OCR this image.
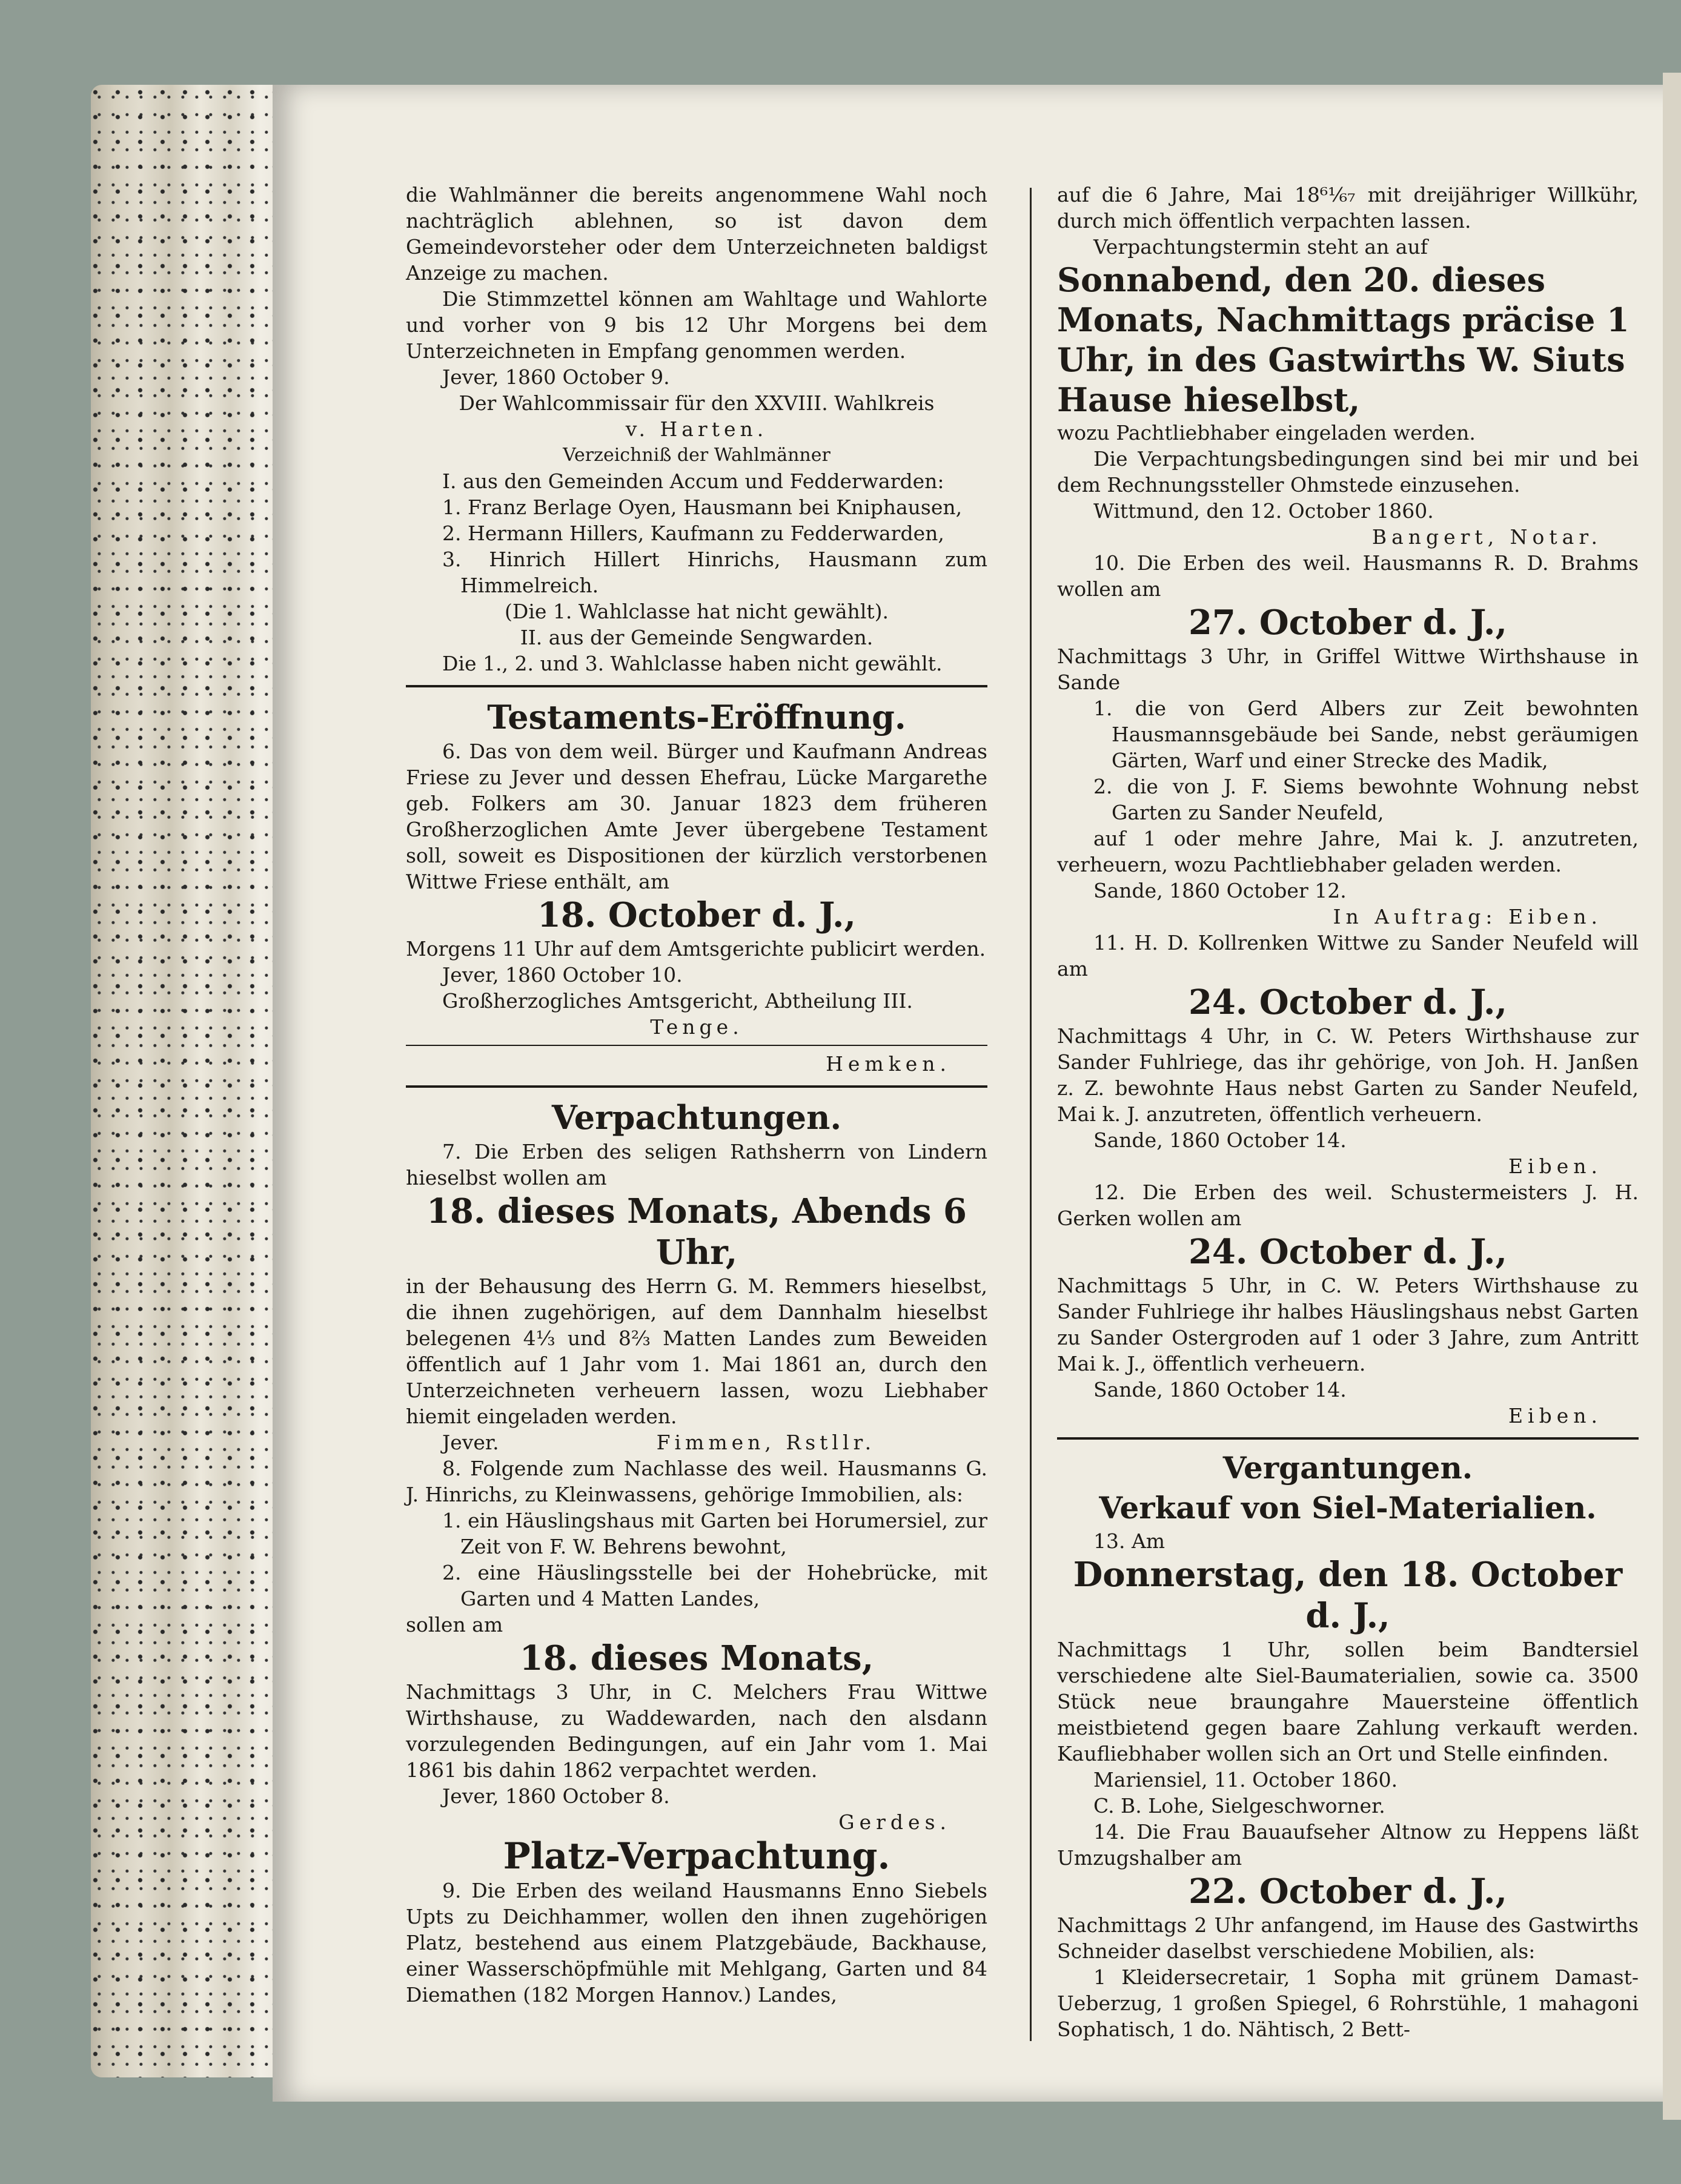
die Wahlmänner die bereits angenommene Wahl noch nachträglich ablehnen, so ist davon dem Gemeindevorsteher oder dem Unterzeichneten baldigst Anzeige zu machen.

Die Stimmzettel können am Wahltage und Wahlorte und vorher von 9 bis 12 Uhr Morgens bei dem Unterzeichneten in Empfang genommen werden.

Jever, 1860 October 9.

Der Wahlcommissair für den XXVIII. Wahlkreis

v. Harten.

Verzeichniß der Wahlmänner

I. aus den Gemeinden Accum und Fedderwarden:

1. Franz Berlage Oyen, Hausmann bei Kniphausen,

2. Hermann Hillers, Kaufmann zu Fedderwarden,

3. Hinrich Hillert Hinrichs, Hausmann zum Himmelreich.

(Die 1. Wahlclasse hat nicht gewählt).

II. aus der Gemeinde Sengwarden.

Die 1., 2. und 3. Wahlclasse haben nicht gewählt.

Testaments-Eröffnung.

6. Das von dem weil. Bürger und Kaufmann Andreas Friese zu Jever und dessen Ehefrau, Lücke Margarethe geb. Folkers am 30. Januar 1823 dem früheren Großherzoglichen Amte Jever übergebene Testament soll, soweit es Dispositionen der kürzlich verstorbenen Wittwe Friese enthält, am

18. October d. J.,

Morgens 11 Uhr auf dem Amtsgerichte publicirt werden.

Jever, 1860 October 10.

Großherzogliches Amtsgericht, Abtheilung III.

Tenge.

Hemken.

Verpachtungen.

7. Die Erben des seligen Rathsherrn von Lindern hieselbst wollen am

18. dieses Monats, Abends 6 Uhr,

in der Behausung des Herrn G. M. Remmers hieselbst, die ihnen zugehörigen, auf dem Dannhalm hieselbst belegenen 4⅓ und 8⅔ Matten Landes zum Beweiden öffentlich auf 1 Jahr vom 1. Mai 1861 an, durch den Unterzeichneten verheuern lassen, wozu Liebhaber hiemit eingeladen werden.

Jever.	Fimmen, Rstllr.

8. Folgende zum Nachlasse des weil. Hausmanns G. J. Hinrichs, zu Kleinwassens, gehörige Immobilien, als:

1. ein Häuslingshaus mit Garten bei Horumersiel, zur Zeit von F. W. Behrens bewohnt,

2. eine Häuslingsstelle bei der Hohebrücke, mit Garten und 4 Matten Landes,

sollen am

18. dieses Monats,

Nachmittags 3 Uhr, in C. Melchers Frau Wittwe Wirthshause, zu Waddewarden, nach den alsdann vorzulegenden Bedingungen, auf ein Jahr vom 1. Mai 1861 bis dahin 1862 verpachtet werden.

Jever, 1860 October 8.

Gerdes.

Platz-Verpachtung.

9. Die Erben des weiland Hausmanns Enno Siebels Upts zu Deichhammer, wollen den ihnen zugehörigen Platz, bestehend aus einem Platzgebäude, Backhause, einer Wasserschöpfmühle mit Mehlgang, Garten und 84 Diemathen (182 Morgen Hannov.) Landes,

auf die 6 Jahre, Mai 18⁶¹⁄₆₇ mit dreijähriger Willkühr, durch mich öffentlich verpachten lassen.

Verpachtungstermin steht an auf

Sonnabend, den 20. dieses Monats, Nachmittags präcise 1 Uhr, in des Gastwirths W. Siuts Hause hieselbst,

wozu Pachtliebhaber eingeladen werden.

Die Verpachtungsbedingungen sind bei mir und bei dem Rechnungssteller Ohmstede einzusehen.

Wittmund, den 12. October 1860.

Bangert, Notar.

10. Die Erben des weil. Hausmanns R. D. Brahms wollen am

27. October d. J.,

Nachmittags 3 Uhr, in Griffel Wittwe Wirthshause in Sande

1. die von Gerd Albers zur Zeit bewohnten Hausmannsgebäude bei Sande, nebst geräumigen Gärten, Warf und einer Strecke des Madik,

2. die von J. F. Siems bewohnte Wohnung nebst Garten zu Sander Neufeld,

auf 1 oder mehre Jahre, Mai k. J. anzutreten, verheuern, wozu Pachtliebhaber geladen werden.

Sande, 1860 October 12.

In Auftrag: Eiben.

11. H. D. Kollrenken Wittwe zu Sander Neufeld will am

24. October d. J.,

Nachmittags 4 Uhr, in C. W. Peters Wirthshause zur Sander Fuhlriege, das ihr gehörige, von Joh. H. Janßen z. Z. bewohnte Haus nebst Garten zu Sander Neufeld, Mai k. J. anzutreten, öffentlich verheuern.

Sande, 1860 October 14.

Eiben.

12. Die Erben des weil. Schustermeisters J. H. Gerken wollen am

24. October d. J.,

Nachmittags 5 Uhr, in C. W. Peters Wirthshause zu Sander Fuhlriege ihr halbes Häuslingshaus nebst Garten zu Sander Ostergroden auf 1 oder 3 Jahre, zum Antritt Mai k. J., öffentlich verheuern.

Sande, 1860 October 14.

Eiben.

Vergantungen.

Verkauf von Siel-Materialien.

13. Am

Donnerstag, den 18. October d. J.,

Nachmittags 1 Uhr, sollen beim Bandtersiel verschiedene alte Siel-Baumaterialien, sowie ca. 3500 Stück neue braungahre Mauersteine öffentlich meistbietend gegen baare Zahlung verkauft werden. Kaufliebhaber wollen sich an Ort und Stelle einfinden.

Mariensiel, 11. October 1860.

C. B. Lohe, Sielgeschworner.

14. Die Frau Bauaufseher Altnow zu Heppens läßt Umzugshalber am

22. October d. J.,

Nachmittags 2 Uhr anfangend, im Hause des Gastwirths Schneider daselbst verschiedene Mobilien, als:

1 Kleidersecretair, 1 Sopha mit grünem Damast-Ueberzug, 1 großen Spiegel, 6 Rohrstühle, 1 mahagoni Sophatisch, 1 do. Nähtisch, 2 Bett-
